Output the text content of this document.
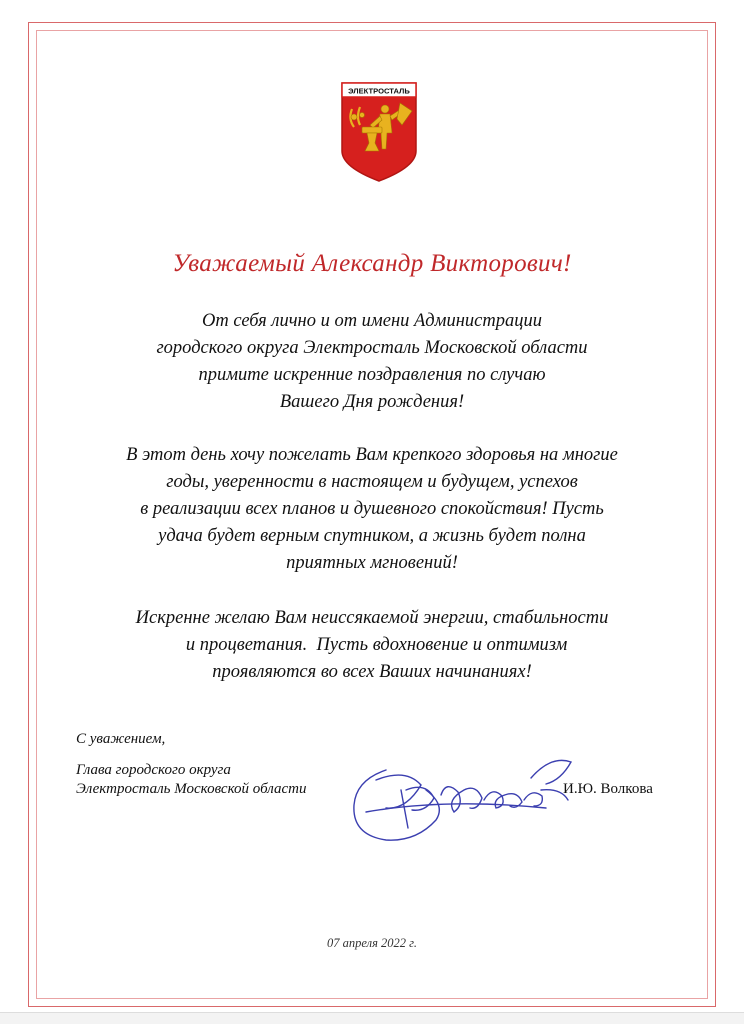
ЭЛЕКТРОСТАЛЬ
Уважаемый Александр Викторович!

От себя лично и от имени Администрации
городского округа Электросталь Московской области
примите искренние поздравления по случаю
Вашего Дня рождения!

В этот день хочу пожелать Вам крепкого здоровья на многие
годы, уверенности в настоящем и будущем, успехов
в реализации всех планов и душевного спокойствия! Пусть
удача будет верным спутником, а жизнь будет полна
приятных мгновений!

Искренне желаю Вам неиссякаемой энергии, стабильности
и процветания.  Пусть вдохновение и оптимизм
проявляются во всех Ваших начинаниях!

С уважением,
Глава городского округа
Электросталь Московской области	И.Ю. Волкова
07 апреля 2022 г.
